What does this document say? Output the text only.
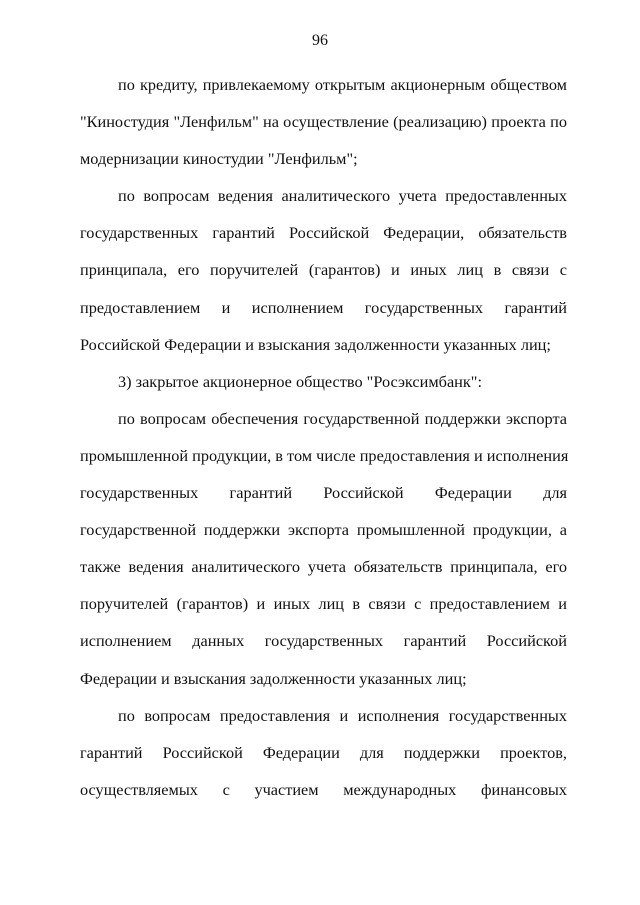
96
по кредиту, привлекаемому открытым акционерным обществом
"Киностудия "Ленфильм" на осуществление (реализацию) проекта по
модернизации киностудии "Ленфильм";
по вопросам ведения аналитического учета предоставленных
государственных гарантий Российской Федерации, обязательств
принципала, его поручителей (гарантов) и иных лиц в связи с
предоставлением и исполнением государственных гарантий
Российской Федерации и взыскания задолженности указанных лиц;
3) закрытое акционерное общество "Росэксимбанк":
по вопросам обеспечения государственной поддержки экспорта
промышленной продукции, в том числе предоставления и исполнения
государственных гарантий Российской Федерации для
государственной поддержки экспорта промышленной продукции, а
также ведения аналитического учета обязательств принципала, его
поручителей (гарантов) и иных лиц в связи с предоставлением и
исполнением данных государственных гарантий Российской
Федерации и взыскания задолженности указанных лиц;
по вопросам предоставления и исполнения государственных
гарантий Российской Федерации для поддержки проектов,
осуществляемых с участием международных финансовых
